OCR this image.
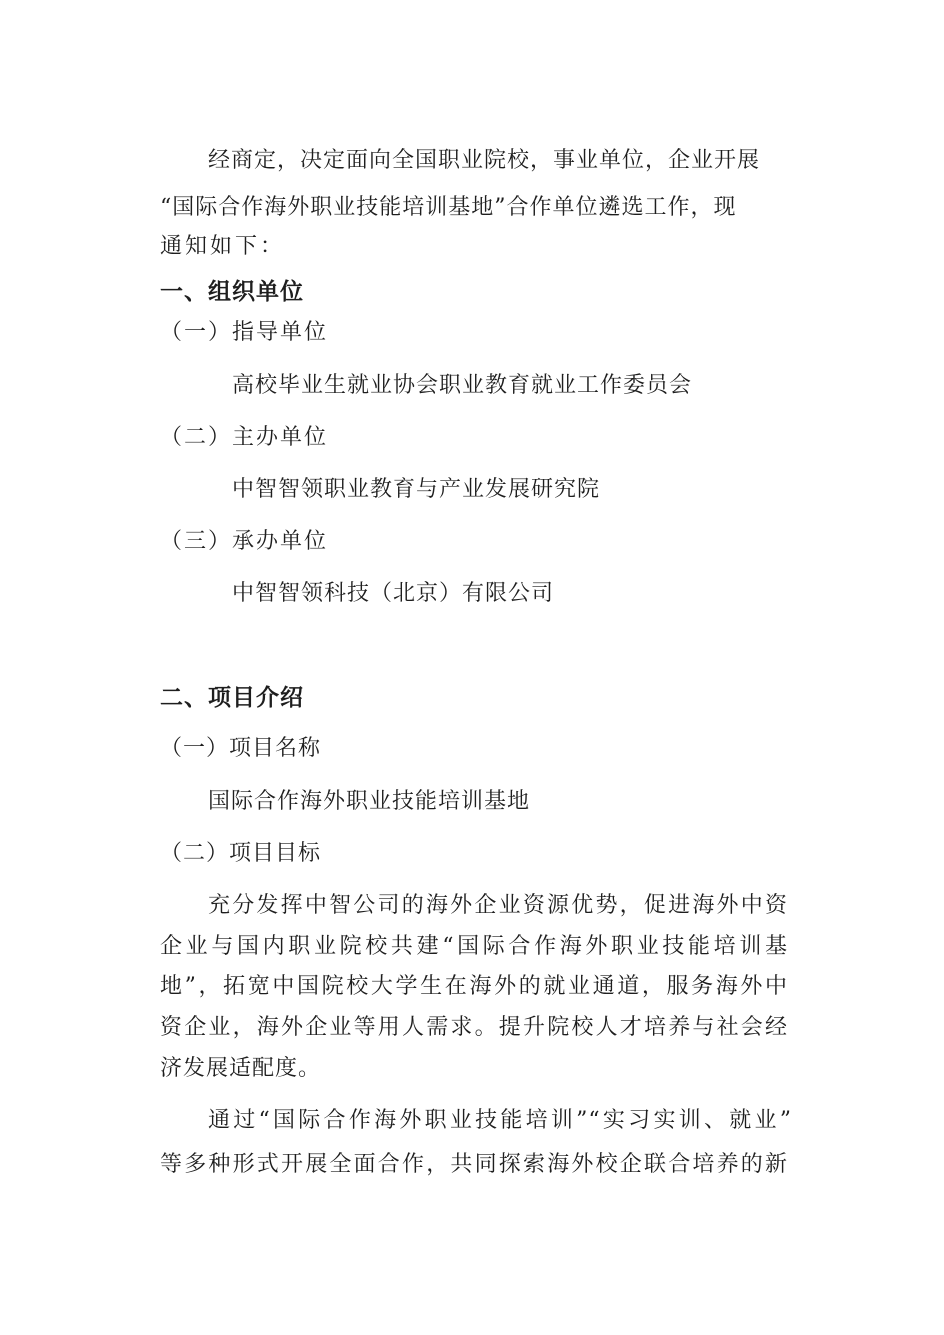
经商定，决定面向全国职业院校，事业单位，企业开展
“国际合作海外职业技能培训基地”合作单位遴选工作，现
通知如下：
一、组织单位
（一）指导单位
高校毕业生就业协会职业教育就业工作委员会
（二）主办单位
中智智领职业教育与产业发展研究院
（三）承办单位
中智智领科技（北京）有限公司
二、项目介绍
（一）项目名称
国际合作海外职业技能培训基地
（二）项目目标
充分发挥中智公司的海外企业资源优势，促进海外中资
企业与国内职业院校共建“国际合作海外职业技能培训基
地”，拓宽中国院校大学生在海外的就业通道，服务海外中
资企业，海外企业等用人需求。提升院校人才培养与社会经
济发展适配度。
通过“国际合作海外职业技能培训”“实习实训、就业”
等多种形式开展全面合作，共同探索海外校企联合培养的新
